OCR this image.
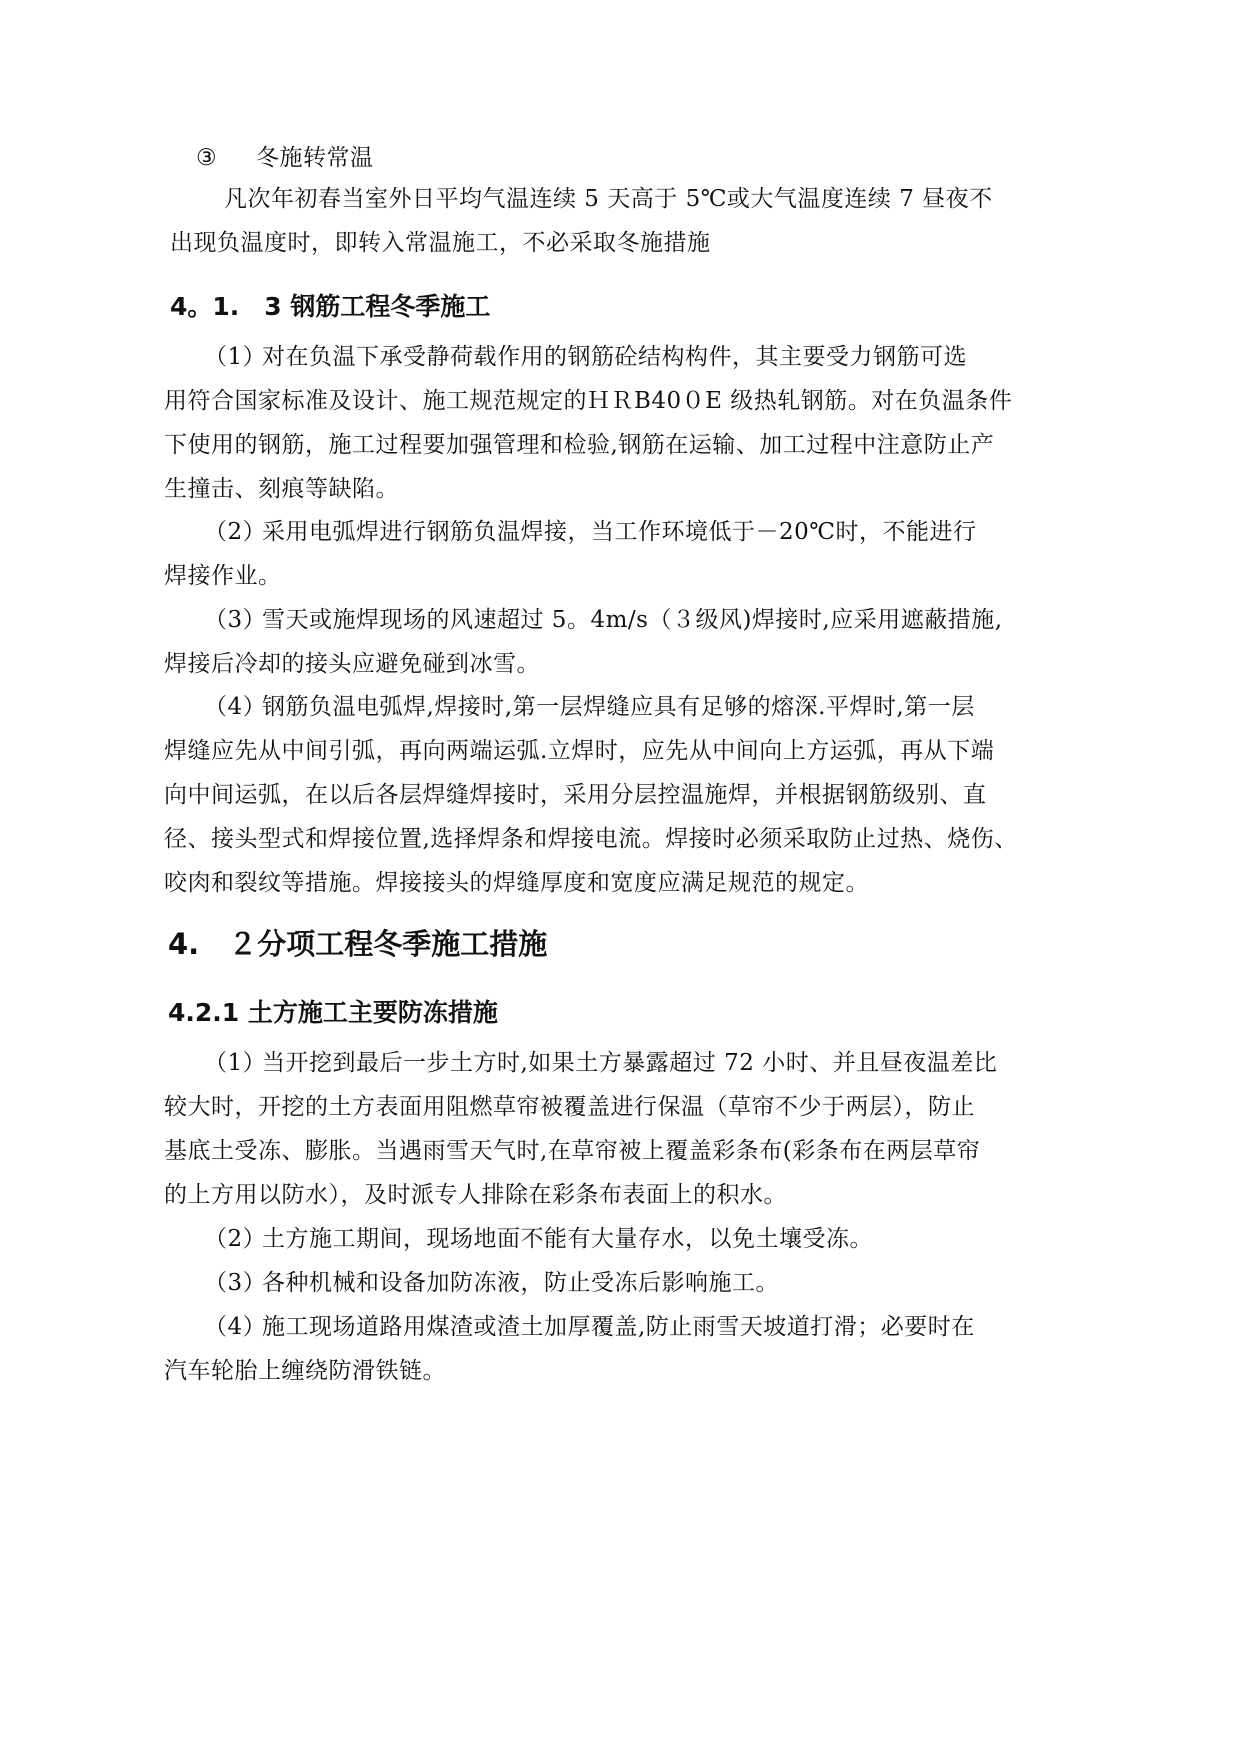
③ 冬施转常温
凡次年初春当室外日平均气温连续 5 天高于 5℃或大气温度连续 7 昼夜不
出现负温度时，即转入常温施工，不必采取冬施措施
4。1.　3 钢筋工程冬季施工
（1）
对在负温下承受静荷载作用的钢筋砼结构构件，其主要受力钢筋可选
用符合国家标准及设计、施工规范规定的ＨＲB40０E 级热轧钢筋。对在负温条件
下使用的钢筋，施工过程要加强管理和检验,钢筋在运输、加工过程中注意防止产
生撞击、刻痕等缺陷。
（2）
采用电弧焊进行钢筋负温焊接，当工作环境低于－20℃时，不能进行
焊接作业。
（3）
雪天或施焊现场的风速超过 5。4m/s（３级风)焊接时,应采用遮蔽措施,
焊接后冷却的接头应避免碰到冰雪。
（4）
钢筋负温电弧焊,焊接时,第一层焊缝应具有足够的熔深.平焊时,第一层
焊缝应先从中间引弧，再向两端运弧.立焊时，应先从中间向上方运弧，再从下端
向中间运弧，在以后各层焊缝焊接时，采用分层控温施焊，并根据钢筋级别、直
径、接头型式和焊接位置,选择焊条和焊接电流。焊接时必须采取防止过热、烧伤、
咬肉和裂纹等措施。焊接接头的焊缝厚度和宽度应满足规范的规定。
4.　２分项工程冬季施工措施
4.2.1 土方施工主要防冻措施
（1）
当开挖到最后一步土方时,如果土方暴露超过 72 小时、并且昼夜温差比
较大时，开挖的土方表面用阻燃草帘被覆盖进行保温（草帘不少于两层），防止
基底土受冻、膨胀。当遇雨雪天气时,在草帘被上覆盖彩条布(彩条布在两层草帘
的上方用以防水），及时派专人排除在彩条布表面上的积水。
（2）
土方施工期间，现场地面不能有大量存水，以免土壤受冻。
（3）
各种机械和设备加防冻液，防止受冻后影响施工。
（4）
施工现场道路用煤渣或渣土加厚覆盖,防止雨雪天坡道打滑；必要时在
汽车轮胎上缠绕防滑铁链。
